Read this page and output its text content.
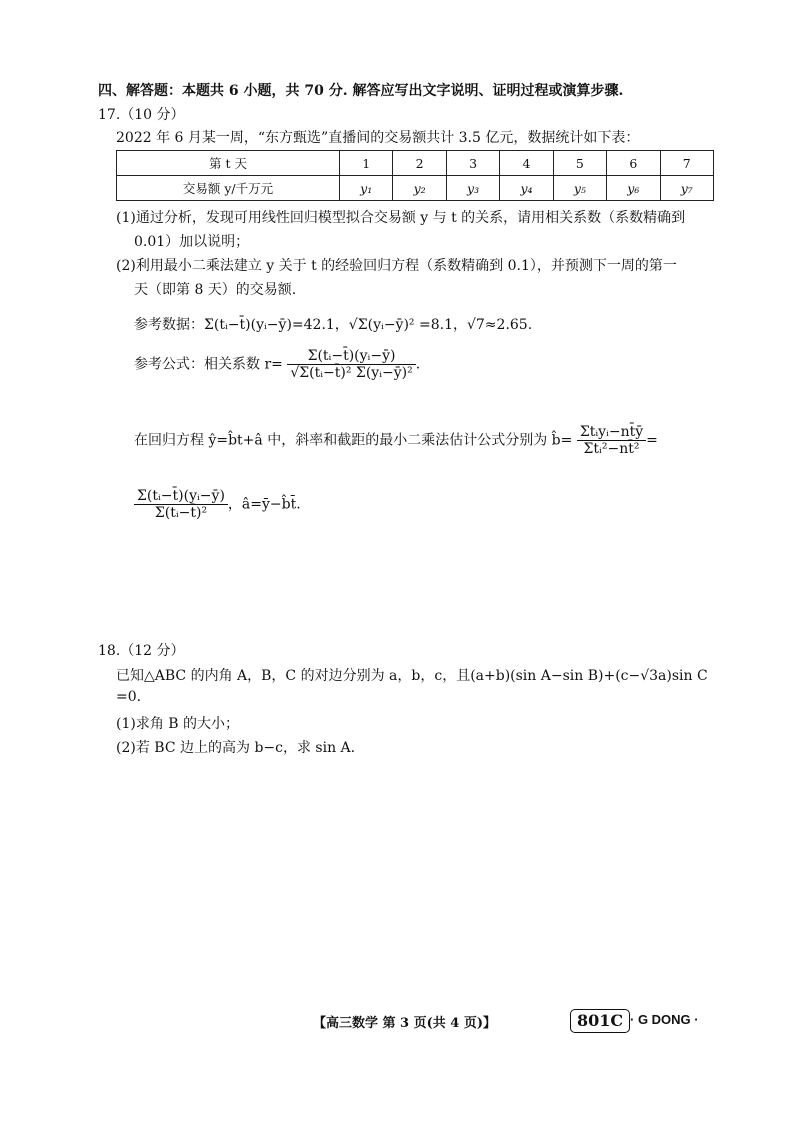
四、解答题：本题共 6 小题，共 70 分. 解答应写出文字说明、证明过程或演算步骤.
17.（10 分）
2022 年 6 月某一周，“东方甄选”直播间的交易额共计 3.5 亿元，数据统计如下表：
第 t 天	1	2	3	4	5	6	7
交易额 y/千万元	y₁	y₂	y₃	y₄	y₅	y₆	y₇
(1)通过分析，发现可用线性回归模型拟合交易额 y 与 t 的关系，请用相关系数（系数精确到
0.01）加以说明；
(2)利用最小二乘法建立 y 关于 t 的经验回归方程（系数精确到 0.1），并预测下一周的第一
天（即第 8 天）的交易额.
参考数据：Σ(tᵢ−t̄)(yᵢ−ȳ)=42.1，√Σ(yᵢ−ȳ)² =8.1，√7≈2.65.
参考公式：相关系数 $r= \frac{\text{Σ(tᵢ−t̄)(yᵢ−ȳ)}}{\text{√Σ(tᵢ−t̄)² Σ(yᵢ−ȳ)²}}$ .
在回归方程 ŷ=b̂t+â 中，斜率和截距的最小二乘法估计公式分别为 b̂= $\frac{\text{Σtᵢyᵢ−nt̄ȳ}}{\text{Σtᵢ²−nt̄²}}$ =
$\frac{\text{Σ(tᵢ−t̄)(yᵢ−ȳ)}}{\text{Σ(tᵢ−t̄)²}}$ ，â=ȳ−b̂t̄.
18.（12 分）
已知△ABC 的内角 A，B，C 的对边分别为 a，b，c，且(a+b)(sin A−sin B)+(c−√3a)sin C
=0.
(1)求角 B 的大小；
(2)若 BC 边上的高为 b−c，求 sin A.
【高三数学 第 3 页(共 4 页)】	801C · G DONG ·
